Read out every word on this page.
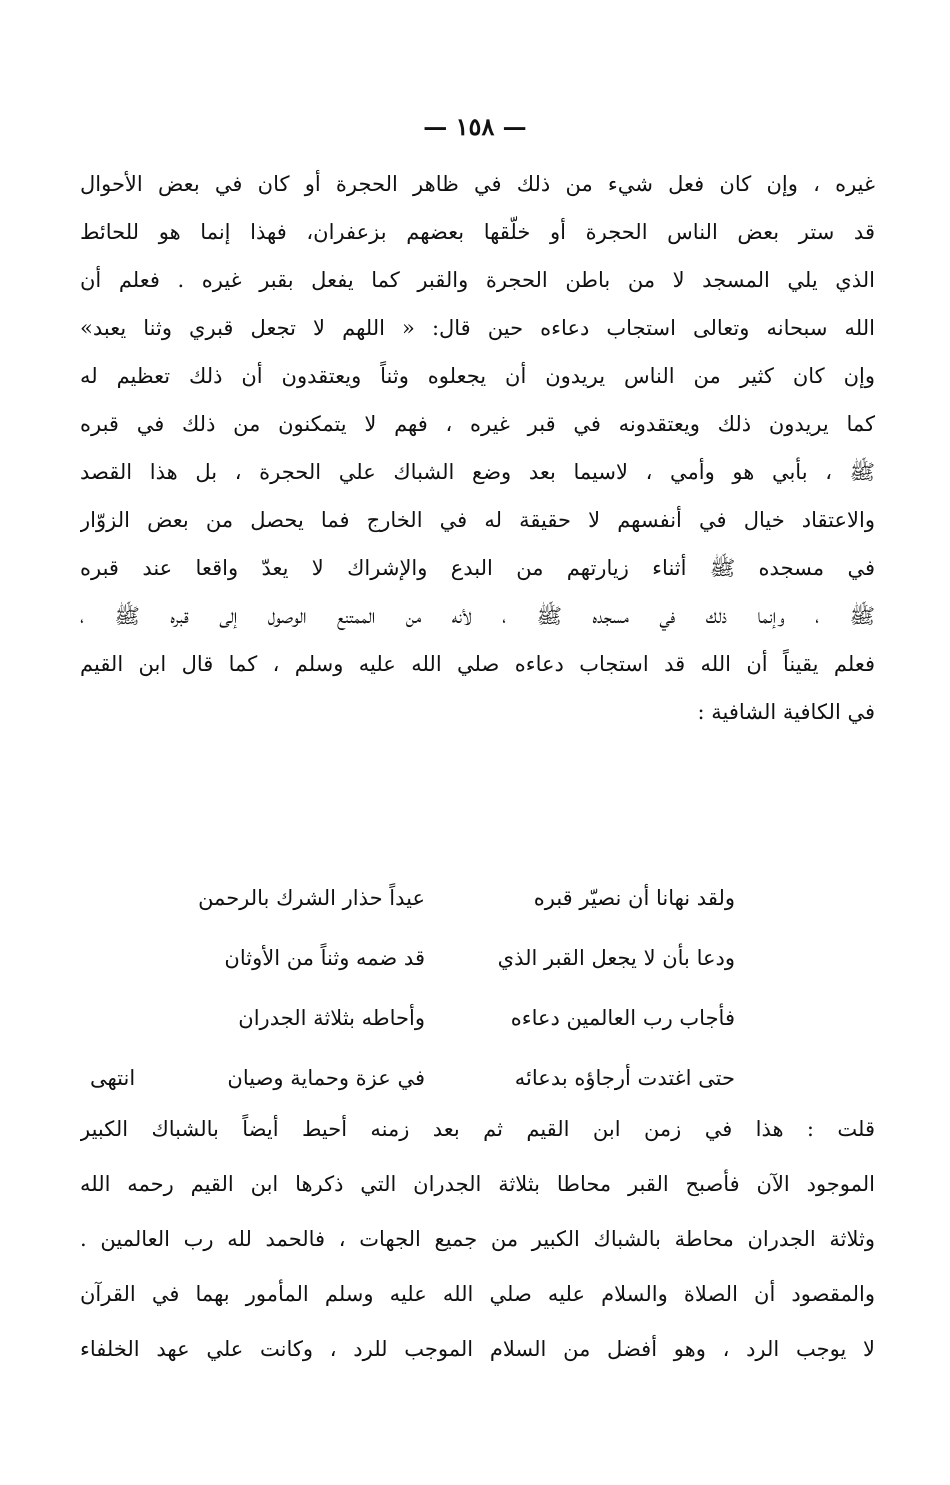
— ١٥٨ —
غيره ، وإن كان فعل شيء من ذلك في ظاهر الحجرة أو كان في بعض الأحوال
قد ستر بعض الناس الحجرة أو خلّقها بعضهم بزعفران، فهذا إنما هو للحائط
الذي يلي المسجد لا من باطن الحجرة والقبر كما يفعل بقبر غيره . فعلم أن
الله سبحانه وتعالى استجاب دعاءه حين قال: « اللهم لا تجعل قبري وثنا يعبد»
وإن كان كثير من الناس يريدون أن يجعلوه وثناً ويعتقدون أن ذلك تعظيم له
كما يريدون ذلك ويعتقدونه في قبر غيره ، فهم لا يتمكنون من ذلك في قبره
ﷺ ، بأبي هو وأمي ، لاسيما بعد وضع الشباك علي الحجرة ، بل هذا القصد
والاعتقاد خيال في أنفسهم لا حقيقة له في الخارج فما يحصل من بعض الزوّار
في مسجده ﷺ أثناء زيارتهم من البدع والإشراك لا يعدّ واقعا عند قبره
ﷺ ، وإنما ذلك في مسجده ﷺ ، لأنه من الممتنع الوصول إلى قبره ﷺ ،
فعلم يقيناً أن الله قد استجاب دعاءه صلي الله عليه وسلم ، كما قال ابن القيم
في الكافية الشافية :
ولقد نهانا أن نصيّر قبره
عيداً حذار الشرك بالرحمن
ودعا بأن لا يجعل القبر الذي
قد ضمه وثناً من الأوثان
فأجاب رب العالمين دعاءه
وأحاطه بثلاثة الجدران
حتى اغتدت أرجاؤه بدعائه
في عزة وحماية وصيان
انتهى
قلت : هذا في زمن ابن القيم ثم بعد زمنه أحيط أيضاً بالشباك الكبير
الموجود الآن فأصبح القبر محاطا بثلاثة الجدران التي ذكرها ابن القيم رحمه الله
وثلاثة الجدران محاطة بالشباك الكبير من جميع الجهات ، فالحمد لله رب العالمين .
والمقصود أن الصلاة والسلام عليه صلي الله عليه وسلم المأمور بهما في القرآن
لا يوجب الرد ، وهو أفضل من السلام الموجب للرد ، وكانت علي عهد الخلفاء
